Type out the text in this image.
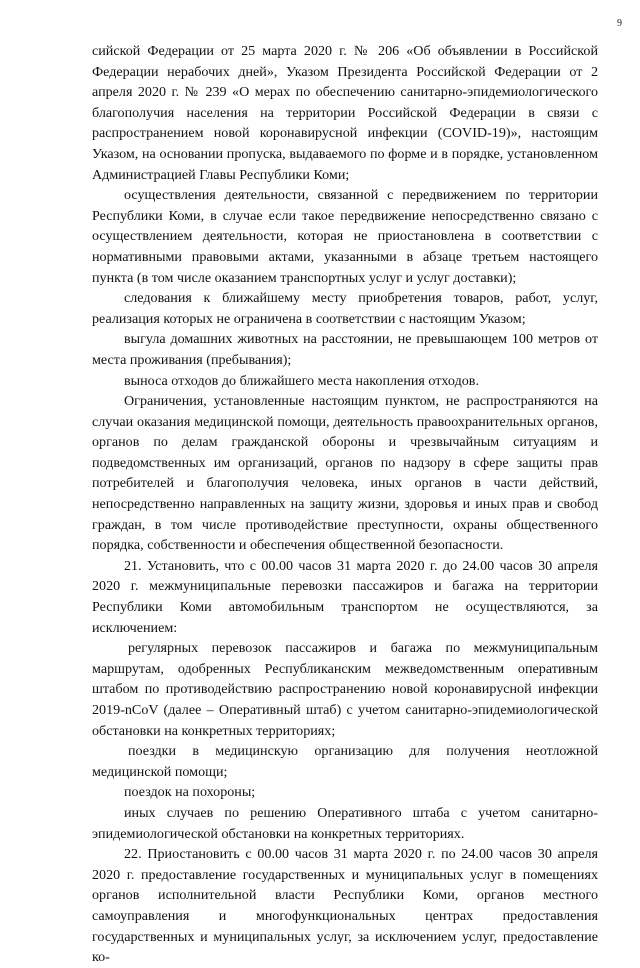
9

сийской Федерации от 25 марта 2020 г. № 206 «Об объявлении в Российской Федерации нерабочих дней», Указом Президента Российской Федерации от 2 апреля 2020 г. № 239 «О мерах по обеспечению санитарно-эпидемиологического благополучия населения на территории Российской Федерации в связи с распространением новой коронавирусной инфекции (COVID-19)», настоящим Указом, на основании пропуска, выдаваемого по форме и в порядке, установленном Администрацией Главы Республики Коми;

осуществления деятельности, связанной с передвижением по территории Республики Коми, в случае если такое передвижение непосредственно связано с осуществлением деятельности, которая не приостановлена в соответствии с нормативными правовыми актами, указанными в абзаце третьем настоящего пункта (в том числе оказанием транспортных услуг и услуг доставки);

следования к ближайшему месту приобретения товаров, работ, услуг, реализация которых не ограничена в соответствии с настоящим Указом;

выгула домашних животных на расстоянии, не превышающем 100 метров от места проживания (пребывания);

выноса отходов до ближайшего места накопления отходов.

Ограничения, установленные настоящим пунктом, не распространяются на случаи оказания медицинской помощи, деятельность правоохранительных органов, органов по делам гражданской обороны и чрезвычайным ситуациям и подведомственных им организаций, органов по надзору в сфере защиты прав потребителей и благополучия человека, иных органов в части действий, непосредственно направленных на защиту жизни, здоровья и иных прав и свобод граждан, в том числе противодействие преступности, охраны общественного порядка, собственности и обеспечения общественной безопасности.

21. Установить, что с 00.00 часов 31 марта 2020 г. до 24.00 часов 30 апреля 2020 г. межмуниципальные перевозки пассажиров и багажа на территории Республики Коми автомобильным транспортом не осуществляются, за исключением:

регулярных перевозок пассажиров и багажа по межмуниципальным маршрутам, одобренных Республиканским межведомственным оперативным штабом по противодействию распространению новой коронавирусной инфекции 2019-nCoV (далее – Оперативный штаб) с учетом санитарно-эпидемиологической обстановки на конкретных территориях;

поездки в медицинскую организацию для получения неотложной медицинской помощи;

поездок на похороны;

иных случаев по решению Оперативного штаба с учетом санитарно-эпидемиологической обстановки на конкретных территориях.

22. Приостановить с 00.00 часов 31 марта 2020 г. по 24.00 часов 30 апреля 2020 г. предоставление государственных и муниципальных услуг в помещениях органов исполнительной власти Республики Коми, органов местного самоуправления и многофункциональных центрах предоставления государственных и муниципальных услуг, за исключением услуг, предоставление ко-
